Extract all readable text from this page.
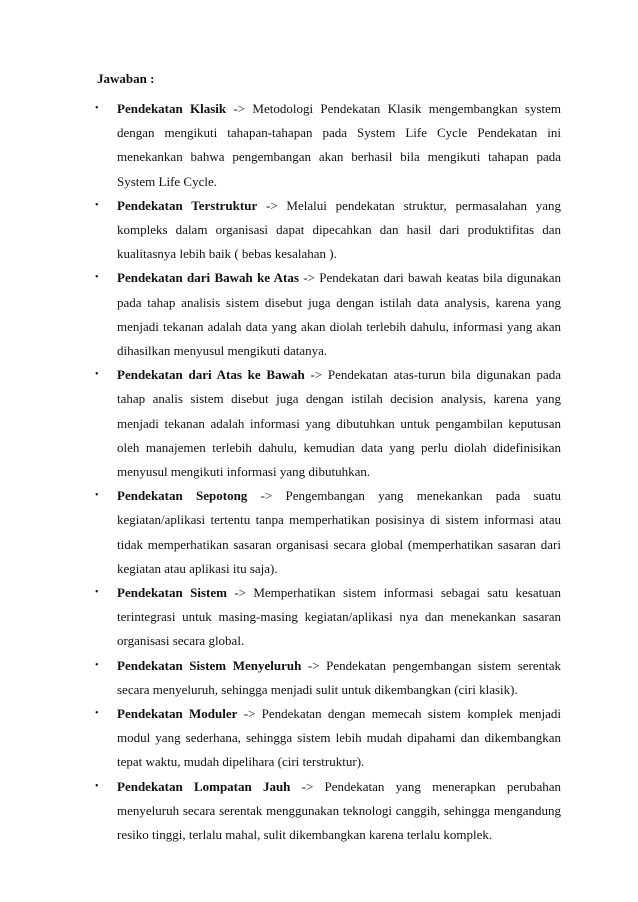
Jawaban :
•	Pendekatan Klasik -> Metodologi Pendekatan Klasik mengembangkan system dengan mengikuti tahapan-tahapan pada System Life Cycle Pendekatan ini menekankan bahwa pengembangan akan berhasil bila mengikuti tahapan pada System Life Cycle.
•	Pendekatan Terstruktur -> Melalui pendekatan struktur, permasalahan yang kompleks dalam organisasi dapat dipecahkan dan hasil dari produktifitas dan kualitasnya lebih baik ( bebas kesalahan ).
•	Pendekatan dari Bawah ke Atas -> Pendekatan dari bawah keatas bila digunakan pada tahap analisis sistem disebut juga dengan istilah data analysis, karena yang menjadi tekanan adalah data yang akan diolah terlebih dahulu, informasi yang akan dihasilkan menyusul mengikuti datanya.
•	Pendekatan dari Atas ke Bawah -> Pendekatan atas-turun bila digunakan pada tahap analis sistem disebut juga dengan istilah decision analysis, karena yang menjadi tekanan adalah informasi yang dibutuhkan untuk pengambilan keputusan oleh manajemen terlebih dahulu, kemudian data yang perlu diolah didefinisikan menyusul mengikuti informasi yang dibutuhkan.
•	Pendekatan Sepotong -> Pengembangan yang menekankan pada suatu kegiatan/aplikasi tertentu tanpa memperhatikan posisinya di sistem informasi atau tidak memperhatikan sasaran organisasi secara global (memperhatikan sasaran dari kegiatan atau aplikasi itu saja).
•	Pendekatan Sistem -> Memperhatikan sistem informasi sebagai satu kesatuan terintegrasi untuk masing-masing kegiatan/aplikasi nya dan menekankan sasaran organisasi secara global.
•	Pendekatan Sistem Menyeluruh -> Pendekatan pengembangan sistem serentak secara menyeluruh, sehingga menjadi sulit untuk dikembangkan (ciri klasik).
•	Pendekatan Moduler -> Pendekatan dengan memecah sistem komplek menjadi modul yang sederhana, sehingga sistem lebih mudah dipahami dan dikembangkan tepat waktu, mudah dipelihara (ciri terstruktur).
•	Pendekatan Lompatan Jauh -> Pendekatan yang menerapkan perubahan menyeluruh secara serentak menggunakan teknologi canggih, sehingga mengandung resiko tinggi, terlalu mahal, sulit dikembangkan karena terlalu komplek.
